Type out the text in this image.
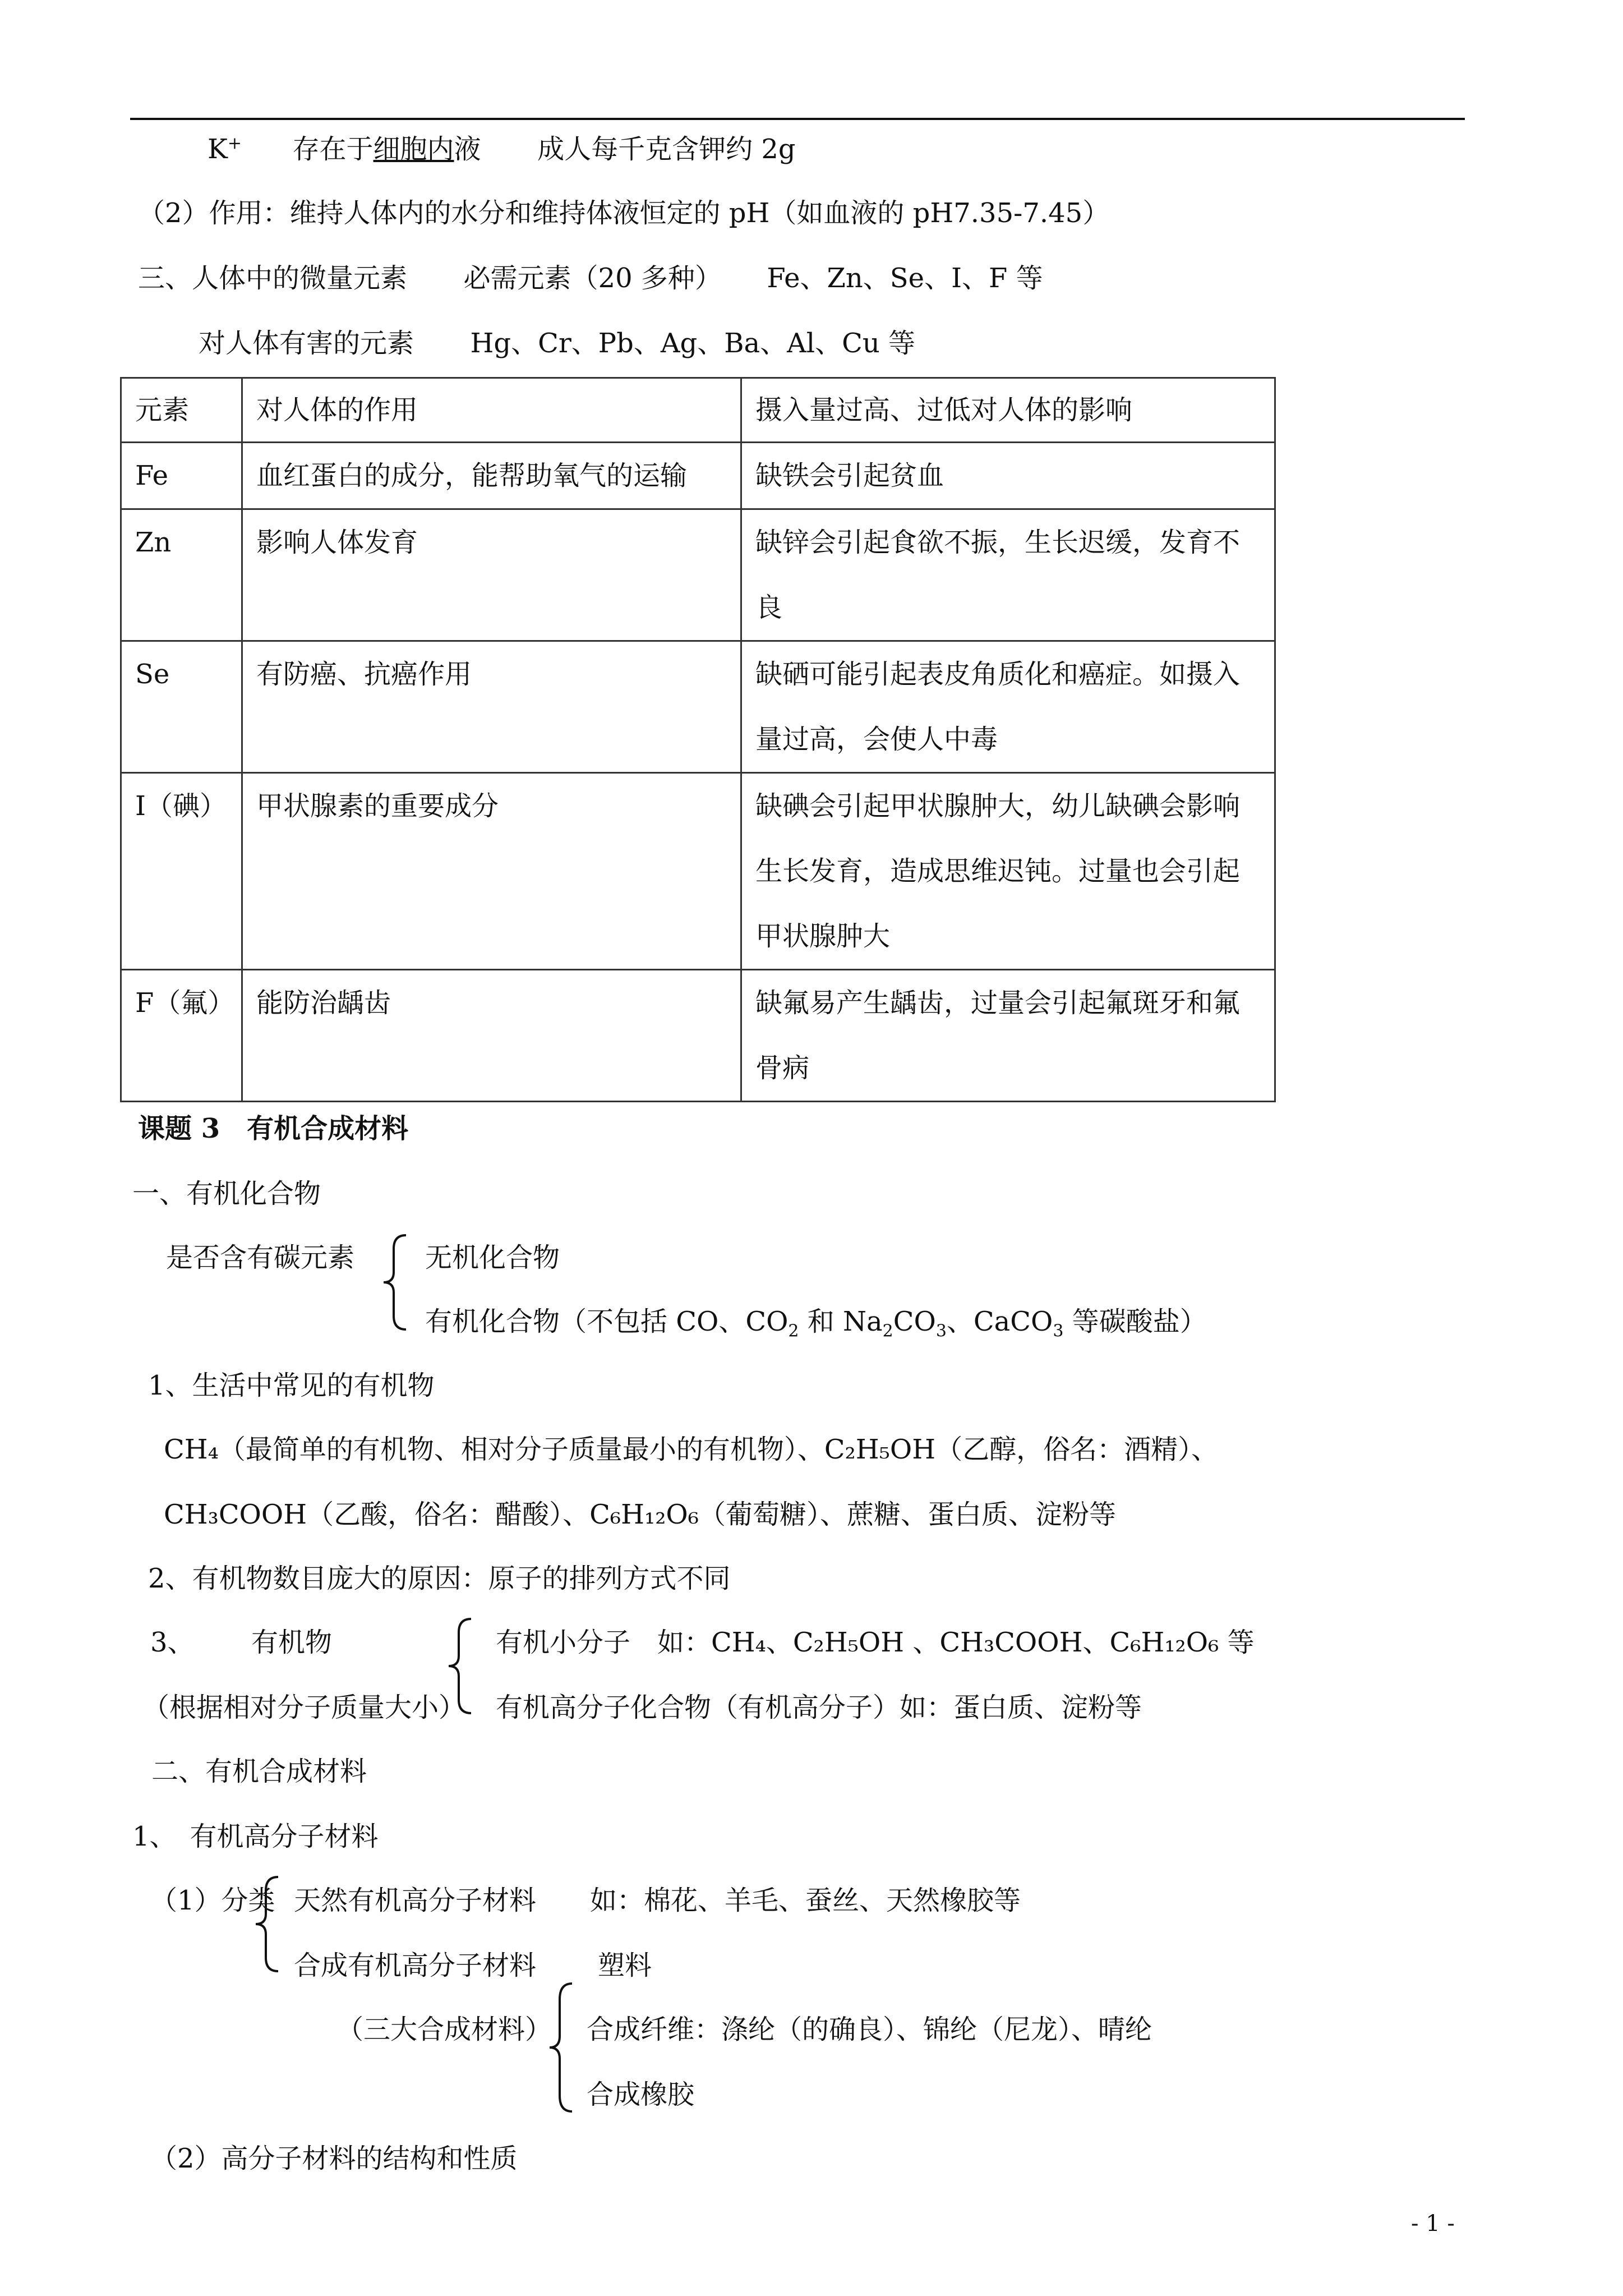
K+ 存在于细胞内液 成人每千克含钾约 2g
（2）作用：维持人体内的水分和维持体液恒定的 pH（如血液的 pH7.35-7.45）
三、人体中的微量元素 必需元素（20 多种） Fe、Zn、Se、I、F 等
对人体有害的元素 Hg、Cr、Pb、Ag、Ba、Al、Cu 等
元素	对人体的作用	摄入量过高、过低对人体的影响
Fe	血红蛋白的成分，能帮助氧气的运输	缺铁会引起贫血
Zn	影响人体发育	缺锌会引起食欲不振，生长迟缓，发育不良
Se	有防癌、抗癌作用	缺硒可能引起表皮角质化和癌症。如摄入量过高，会使人中毒
I（碘）	甲状腺素的重要成分	缺碘会引起甲状腺肿大，幼儿缺碘会影响生长发育，造成思维迟钝。过量也会引起甲状腺肿大
F（氟）	能防治龋齿	缺氟易产生龋齿，过量会引起氟斑牙和氟骨病
课题 3　有机合成材料
一、有机化合物
是否含有碳元素	无机化合物
有机化合物（不包括 CO、$CO_2$ 和 $Na_2CO_3$、CaCO$_3$ 等碳酸盐）
1、生活中常见的有机物
CH₄（最简单的有机物、相对分子质量最小的有机物）、C₂H₅OH（乙醇，俗名：酒精）、
CH₃COOH（乙酸，俗名：醋酸）、C₆H₁₂O₆（葡萄糖）、蔗糖、蛋白质、淀粉等
2、有机物数目庞大的原因：原子的排列方式不同
3、 有机物	有机小分子　如：CH₄、C₂H₅OH 、CH₃COOH、C₆H₁₂O₆ 等
（根据相对分子质量大小） 有机高分子化合物（有机高分子）如：蛋白质、淀粉等
二、有机合成材料
1、　有机高分子材料
（1）分类 天然有机高分子材料　　如：棉花、羊毛、蚕丝、天然橡胶等
合成有机高分子材料 塑料
（三大合成材料） 合成纤维：涤纶（的确良）、锦纶（尼龙）、晴纶
合成橡胶
（2）高分子材料的结构和性质
- 1 -
